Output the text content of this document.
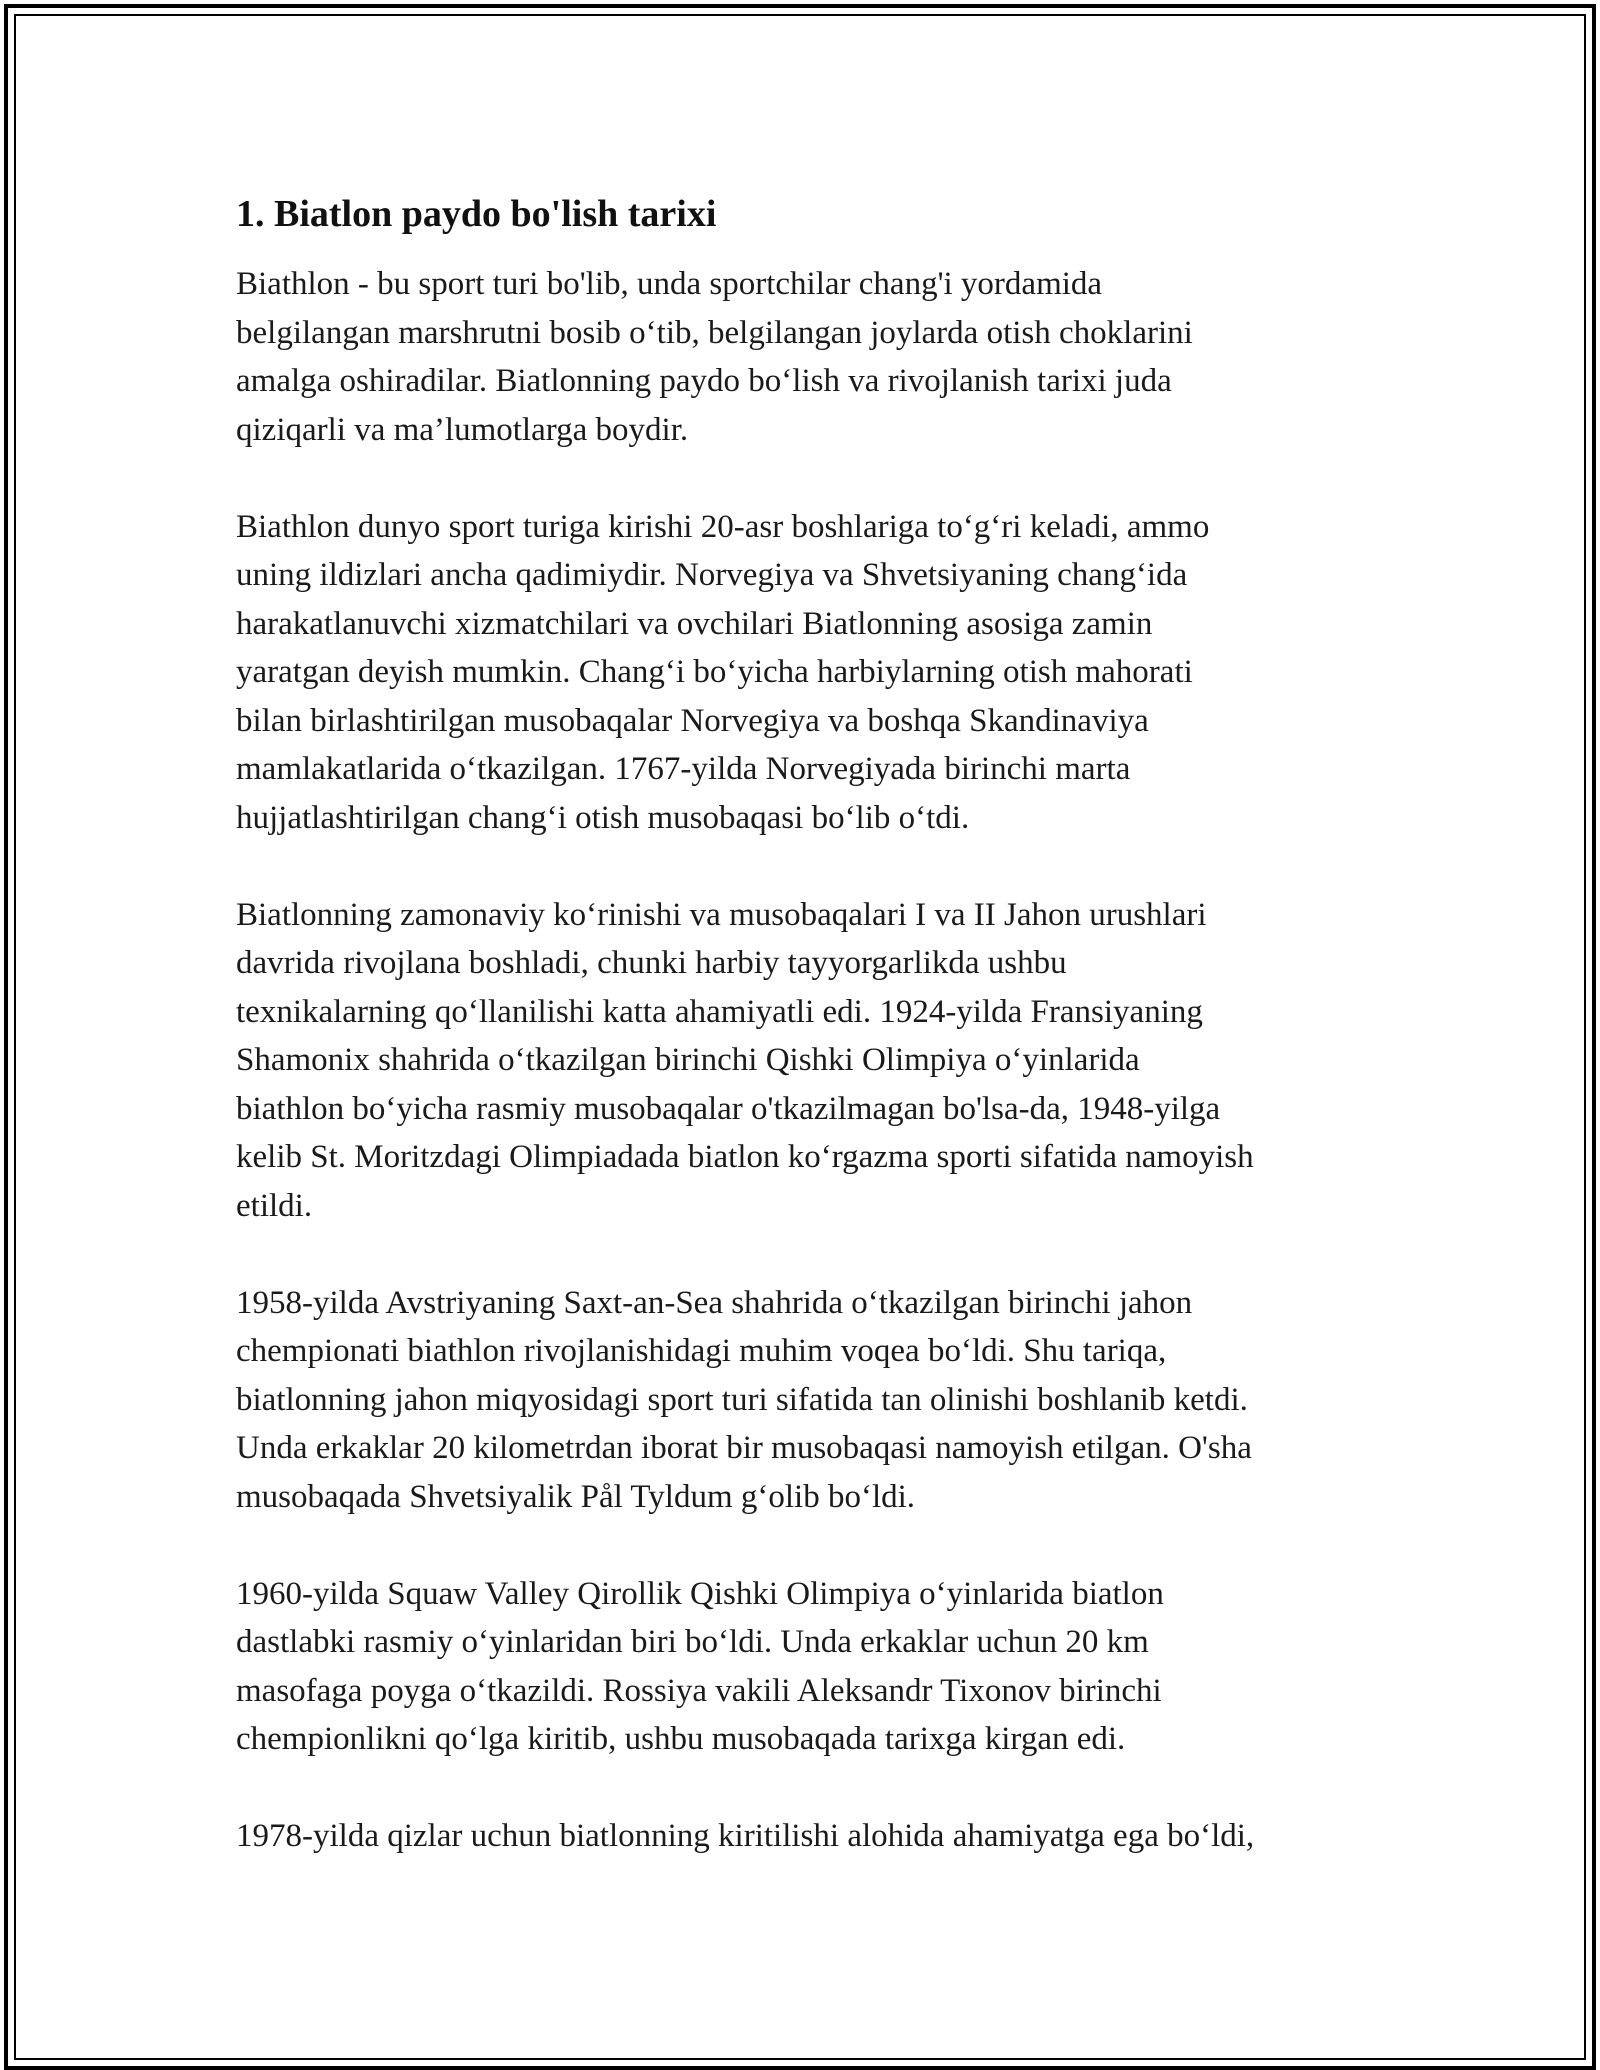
1. Biatlon paydo bo'lish tarixi

Biathlon - bu sport turi bo'lib, unda sportchilar chang'i yordamida
belgilangan marshrutni bosib o‘tib, belgilangan joylarda otish choklarini
amalga oshiradilar. Biatlonning paydo bo‘lish va rivojlanish tarixi juda
qiziqarli va ma’lumotlarga boydir.

Biathlon dunyo sport turiga kirishi 20-asr boshlariga to‘g‘ri keladi, ammo
uning ildizlari ancha qadimiydir. Norvegiya va Shvetsiyaning chang‘ida
harakatlanuvchi xizmatchilari va ovchilari Biatlonning asosiga zamin
yaratgan deyish mumkin. Chang‘i bo‘yicha harbiylarning otish mahorati
bilan birlashtirilgan musobaqalar Norvegiya va boshqa Skandinaviya
mamlakatlarida o‘tkazilgan. 1767-yilda Norvegiyada birinchi marta
hujjatlashtirilgan chang‘i otish musobaqasi bo‘lib o‘tdi.

Biatlonning zamonaviy ko‘rinishi va musobaqalari I va II Jahon urushlari
davrida rivojlana boshladi, chunki harbiy tayyorgarlikda ushbu
texnikalarning qo‘llanilishi katta ahamiyatli edi. 1924-yilda Fransiyaning
Shamonix shahrida o‘tkazilgan birinchi Qishki Olimpiya o‘yinlarida
biathlon bo‘yicha rasmiy musobaqalar o'tkazilmagan bo'lsa-da, 1948-yilga
kelib St. Moritzdagi Olimpiadada biatlon ko‘rgazma sporti sifatida namoyish
etildi.

1958-yilda Avstriyaning Saxt-an-Sea shahrida o‘tkazilgan birinchi jahon
chempionati biathlon rivojlanishidagi muhim voqea bo‘ldi. Shu tariqa,
biatlonning jahon miqyosidagi sport turi sifatida tan olinishi boshlanib ketdi.
Unda erkaklar 20 kilometrdan iborat bir musobaqasi namoyish etilgan. O'sha
musobaqada Shvetsiyalik Pål Tyldum g‘olib bo‘ldi.

1960-yilda Squaw Valley Qirollik Qishki Olimpiya o‘yinlarida biatlon
dastlabki rasmiy o‘yinlaridan biri bo‘ldi. Unda erkaklar uchun 20 km
masofaga poyga o‘tkazildi. Rossiya vakili Aleksandr Tixonov birinchi
chempionlikni qo‘lga kiritib, ushbu musobaqada tarixga kirgan edi.

1978-yilda qizlar uchun biatlonning kiritilishi alohida ahamiyatga ega bo‘ldi,
